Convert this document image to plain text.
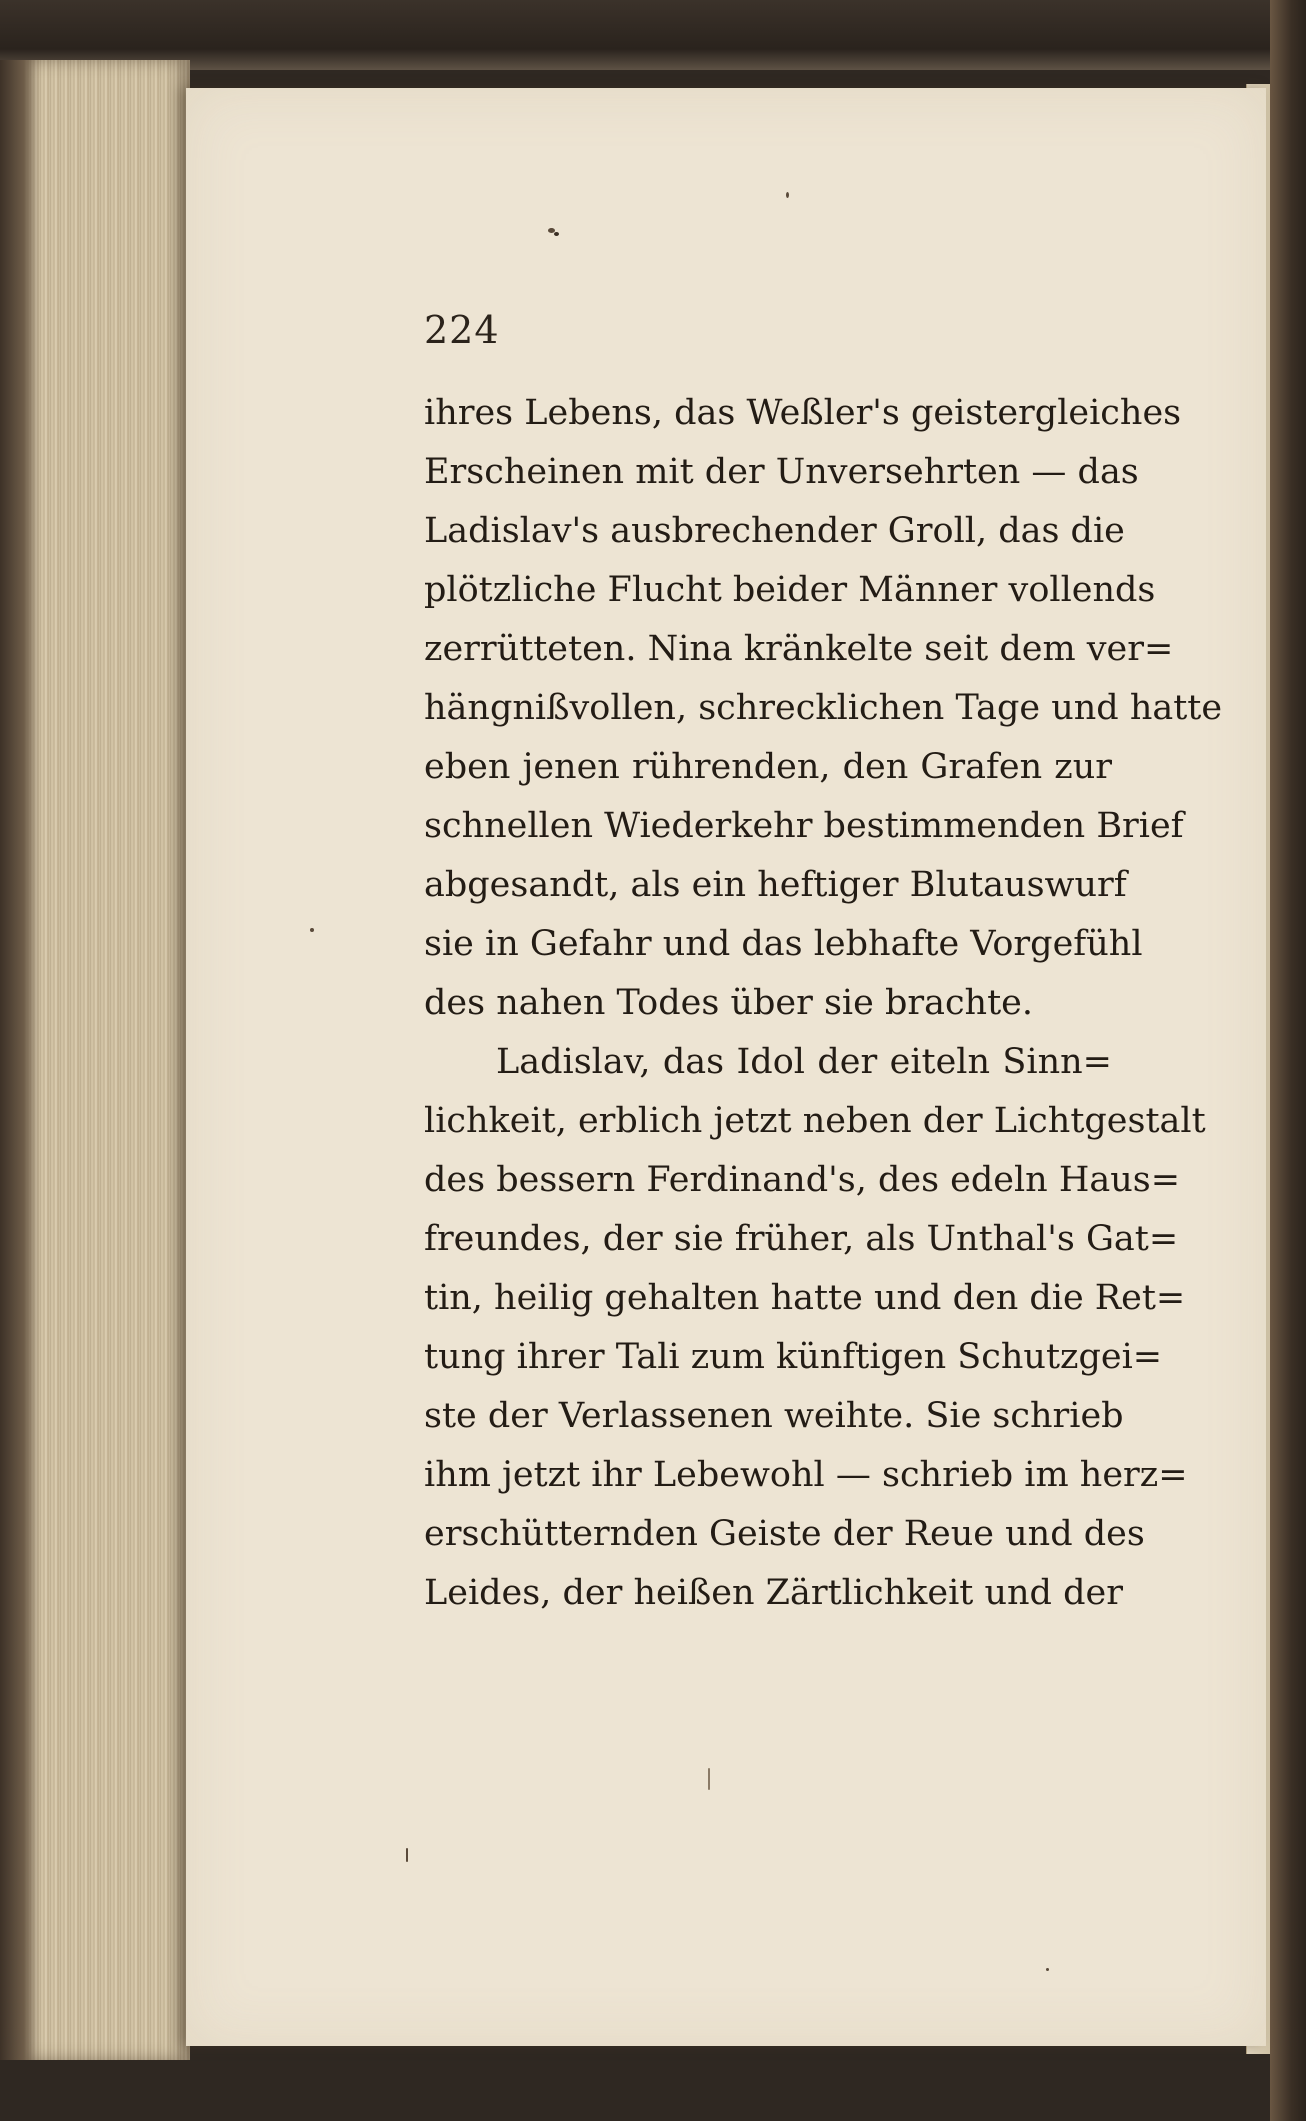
224
ihres Lebens, das Weßler's geistergleiches
Erscheinen mit der Unversehrten — das
Ladislav's ausbrechender Groll, das die
plötzliche Flucht beider Männer vollends
zerrütteten. Nina kränkelte seit dem ver=
hängnißvollen, schrecklichen Tage und hatte
eben jenen rührenden, den Grafen zur
schnellen Wiederkehr bestimmenden Brief
abgesandt, als ein heftiger Blutauswurf
sie in Gefahr und das lebhafte Vorgefühl
des nahen Todes über sie brachte.
Ladislav, das Idol der eiteln Sinn=
lichkeit, erblich jetzt neben der Lichtgestalt
des bessern Ferdinand's, des edeln Haus=
freundes, der sie früher, als Unthal's Gat=
tin, heilig gehalten hatte und den die Ret=
tung ihrer Tali zum künftigen Schutzgei=
ste der Verlassenen weihte. Sie schrieb
ihm jetzt ihr Lebewohl — schrieb im herz=
erschütternden Geiste der Reue und des
Leides, der heißen Zärtlichkeit und der
